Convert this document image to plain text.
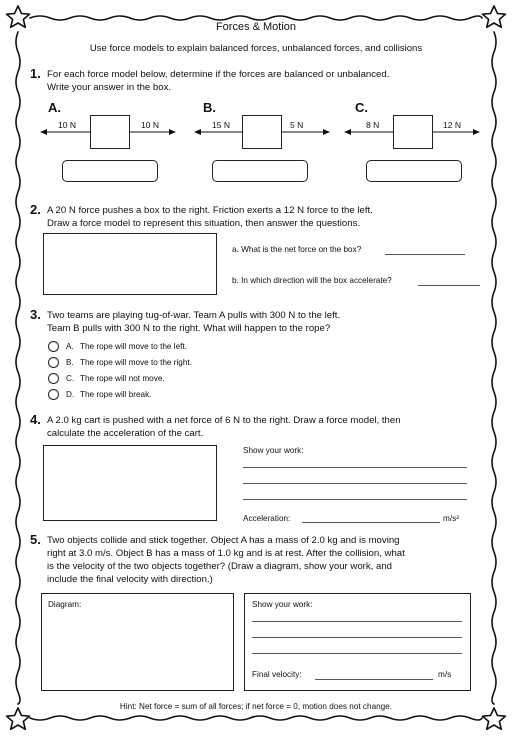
Forces & Motion
Use force models to explain balanced forces, unbalanced forces, and collisions
1. For each force model below, determine if the forces are balanced or unbalanced.
Write your answer in the box.
A.
10 N	10 N
B.
15 N	5 N
C.
8 N	12 N
2. A 20 N force pushes a box to the right. Friction exerts a 12 N force to the left.
Draw a force model to represent this situation, then answer the questions.
a. What is the net force on the box?
b. In which direction will the box accelerate?
3. Two teams are playing tug-of-war. Team A pulls with 300 N to the left.
Team B pulls with 300 N to the right. What will happen to the rope?
A. The rope will move to the left.
B. The rope will move to the right.
C. The rope will not move.
D. The rope will break.
4. A 2.0 kg cart is pushed with a net force of 6 N to the right. Draw a force model, then
calculate the acceleration of the cart.
Show your work:
Acceleration:	m/s²
5. Two objects collide and stick together. Object A has a mass of 2.0 kg and is moving
right at 3.0 m/s. Object B has a mass of 1.0 kg and is at rest. After the collision, what
is the velocity of the two objects together? (Draw a diagram, show your work, and
include the final velocity with direction.)
Diagram:	Show your work:
Final velocity:	m/s
Hint: Net force = sum of all forces; if net force = 0, motion does not change.
